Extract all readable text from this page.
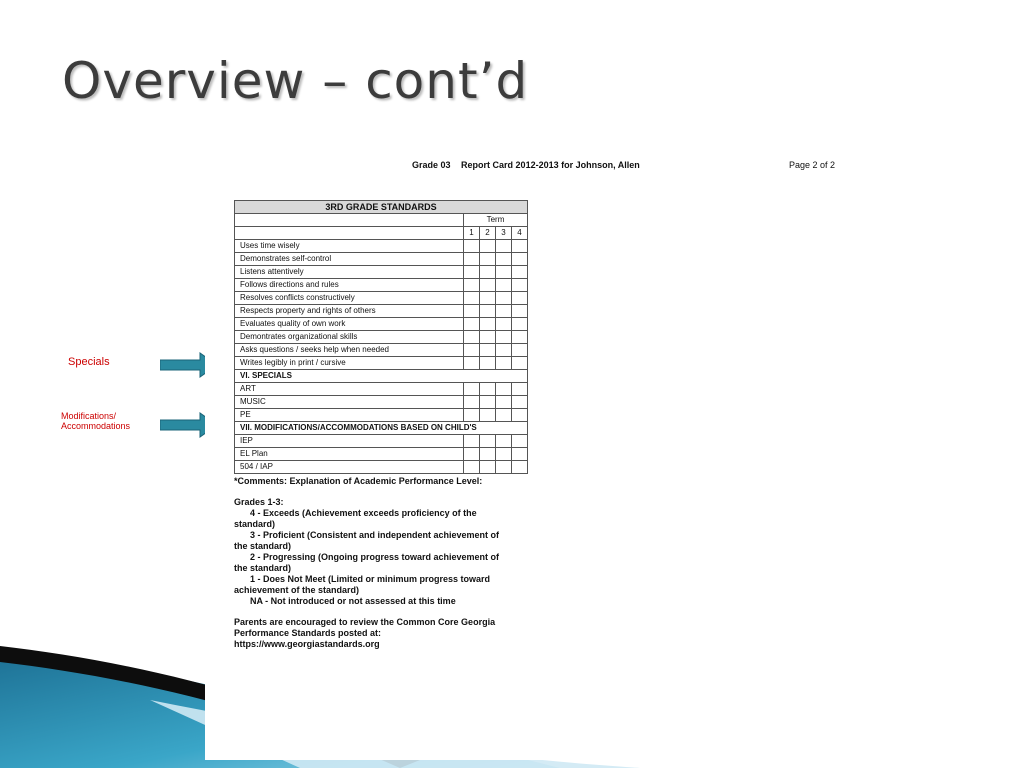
Overview – cont’d
Specials
Modifications/
Accommodations
Grade 03 Report Card 2012-2013 for Johnson, Allen	Page 2 of 2
3RD GRADE STANDARDS				
	Term			
	1	2	3	4
Uses time wisely				
Demonstrates self-control				
Listens attentively				
Follows directions and rules				
Resolves conflicts constructively				
Respects property and rights of others				
Evaluates quality of own work				
Demontrates organizational skills				
Asks questions / seeks help when needed				
Writes legibly in print / cursive				
VI. SPECIALS				
ART				
MUSIC				
PE				
VII. MODIFICATIONS/ACCOMMODATIONS BASED ON CHILD'S				
IEP				
EL Plan				
504 / IAP				

*Comments: Explanation of Academic Performance Level:

Grades 1-3:

4 - Exceeds (Achievement exceeds proficiency of the

standard)

3 - Proficient (Consistent and independent achievement of

the standard)

2 - Progressing (Ongoing progress toward achievement of

the standard)

1 - Does Not Meet (Limited or minimum progress toward

achievement of the standard)

NA - Not introduced or not assessed at this time

Parents are encouraged to review the Common Core Georgia

Performance Standards posted at:

https://www.georgiastandards.org
